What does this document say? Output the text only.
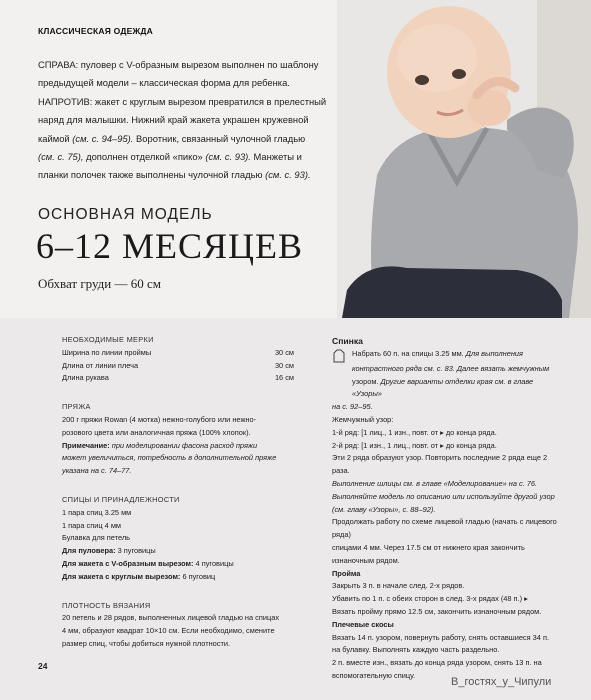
КЛАССИЧЕСКАЯ ОДЕЖДА

СПРАВА: пуловер с V-образным вырезом выполнен по шаблону

предыдущей модели – классическая форма для ребенка.

НАПРОТИВ: жакет с круглым вырезом превратился в прелестный

наряд для малышки. Нижний край жакета украшен кружевной

каймой (см. с. 94–95). Воротник, связанный чулочной гладью

(см. с. 75), дополнен отделкой «пико» (см. с. 93). Манжеты и

планки полочек также выполнены чулочной гладью (см. с. 93).

ОСНОВНАЯ МОДЕЛЬ
6–12 МЕСЯЦЕВ
Обхват груди — 60 см
НЕОБХОДИМЫЕ МЕРКИ
Ширина по линии проймы	30 см
Длина от линии плеча	30 см
Длина рукава	16 см
ПРЯЖА
200 г пряжи Rowan (4 мотка) нежно-голубого или нежно-
розового цвета или аналогичная пряжа (100% хлопок).
Примечание: при моделировании фасона расход пряжи
может увеличиться, потребность в дополнительной пряже
указана на с. 74–77.
СПИЦЫ И ПРИНАДЛЕЖНОСТИ
1 пара спиц 3.25 мм
1 пара спиц 4 мм
Булавка для петель
Для пуловера: 3 пуговицы
Для жакета с V-образным вырезом: 4 пуговицы
Для жакета с круглым вырезом: 6 пуговиц
ПЛОТНОСТЬ ВЯЗАНИЯ
20 петель и 28 рядов, выполненных лицевой гладью на спицах
4 мм, образуют квадрат 10×10 см. Если необходимо, смените
размер спиц, чтобы добиться нужной плотности.
Спинка
Набрать 60 п. на спицы 3.25 мм. Для выполнения
контрастного ряда см. с. 83. Далее вязать жемчужным
узором. Другие варианты отделки края см. в главе «Узоры»
на с. 92–95.
Жемчужный узор:
1-й ряд: [1 лиц., 1 изн., повт. от ▸ до конца ряда.
2-й ряд: [1 изн., 1 лиц., повт. от ▸ до конца ряда.
Эти 2 ряда образуют узор. Повторить последние 2 ряда еще 2 раза.
Выполнение шлицы см. в главе «Моделирование» на с. 76.
Выполняйте модель по описанию или используйте другой узор
(см. главу «Узоры», с. 88–92).
Продолжать работу по схеме лицевой гладью (начать с лицевого ряда)
спицами 4 мм. Через 17.5 см от нижнего края закончить
изнаночным рядом.
Пройма
Закрыть 3 п. в начале след. 2-х рядов.
Убавить по 1 п. с обеих сторон в след. 3-х рядах (48 п.) ▸
Вязать пройму прямо 12.5 см, закончить изнаночным рядом.
Плечевые скосы
Вязать 14 п. узором, повернуть работу, снять оставшиеся 34 п.
на булавку. Выполнять каждую часть раздельно.
2 п. вместе изн., вязать до конца ряда узором, снять 13 п. на
вспомогательную спицу.
24
В_гостях_у_Чипули
